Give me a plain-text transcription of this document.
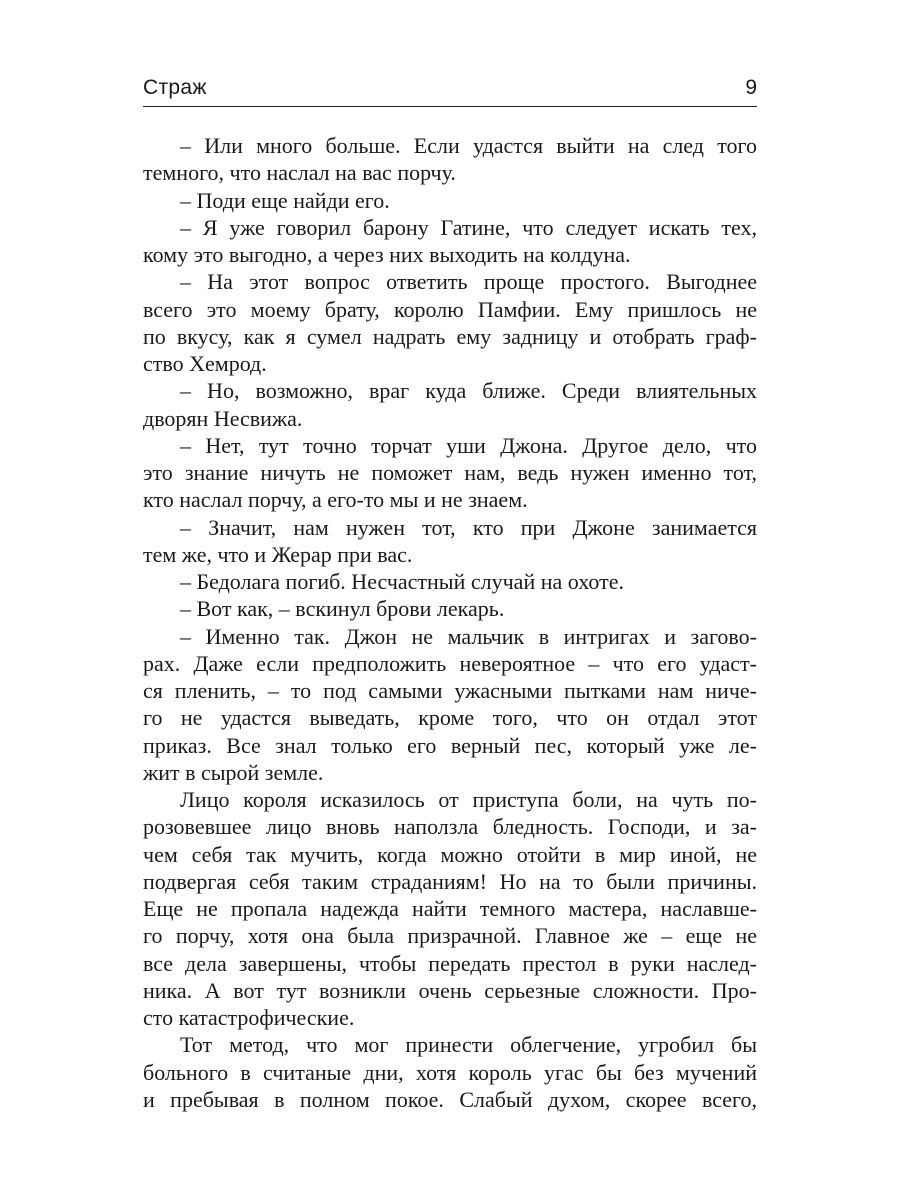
Страж	9
– Или много больше. Если удастся выйти на след того
темного, что наслал на вас порчу.
– Поди еще найди его.
– Я уже говорил барону Гатине, что следует искать тех,
кому это выгодно, а через них выходить на колдуна.
– На этот вопрос ответить проще простого. Выгоднее
всего это моему брату, королю Памфии. Ему пришлось не
по вкусу, как я сумел надрать ему задницу и отобрать граф-
ство Хемрод.
– Но, возможно, враг куда ближе. Среди влиятельных
дворян Несвижа.
– Нет, тут точно торчат уши Джона. Другое дело, что
это знание ничуть не поможет нам, ведь нужен именно тот,
кто наслал порчу, а его-то мы и не знаем.
– Значит, нам нужен тот, кто при Джоне занимается
тем же, что и Жерар при вас.
– Бедолага погиб. Несчастный случай на охоте.
– Вот как, – вскинул брови лекарь.
– Именно так. Джон не мальчик в интригах и загово-
рах. Даже если предположить невероятное – что его удаст-
ся пленить, – то под самыми ужасными пытками нам ниче-
го не удастся выведать, кроме того, что он отдал этот
приказ. Все знал только его верный пес, который уже ле-
жит в сырой земле.
Лицо короля исказилось от приступа боли, на чуть по-
розовевшее лицо вновь наползла бледность. Господи, и за-
чем себя так мучить, когда можно отойти в мир иной, не
подвергая себя таким страданиям! Но на то были причины.
Еще не пропала надежда найти темного мастера, наславше-
го порчу, хотя она была призрачной. Главное же – еще не
все дела завершены, чтобы передать престол в руки наслед-
ника. А вот тут возникли очень серьезные сложности. Про-
сто катастрофические.
Тот метод, что мог принести облегчение, угробил бы
больного в считаные дни, хотя король угас бы без мучений
и пребывая в полном покое. Слабый духом, скорее всего,
